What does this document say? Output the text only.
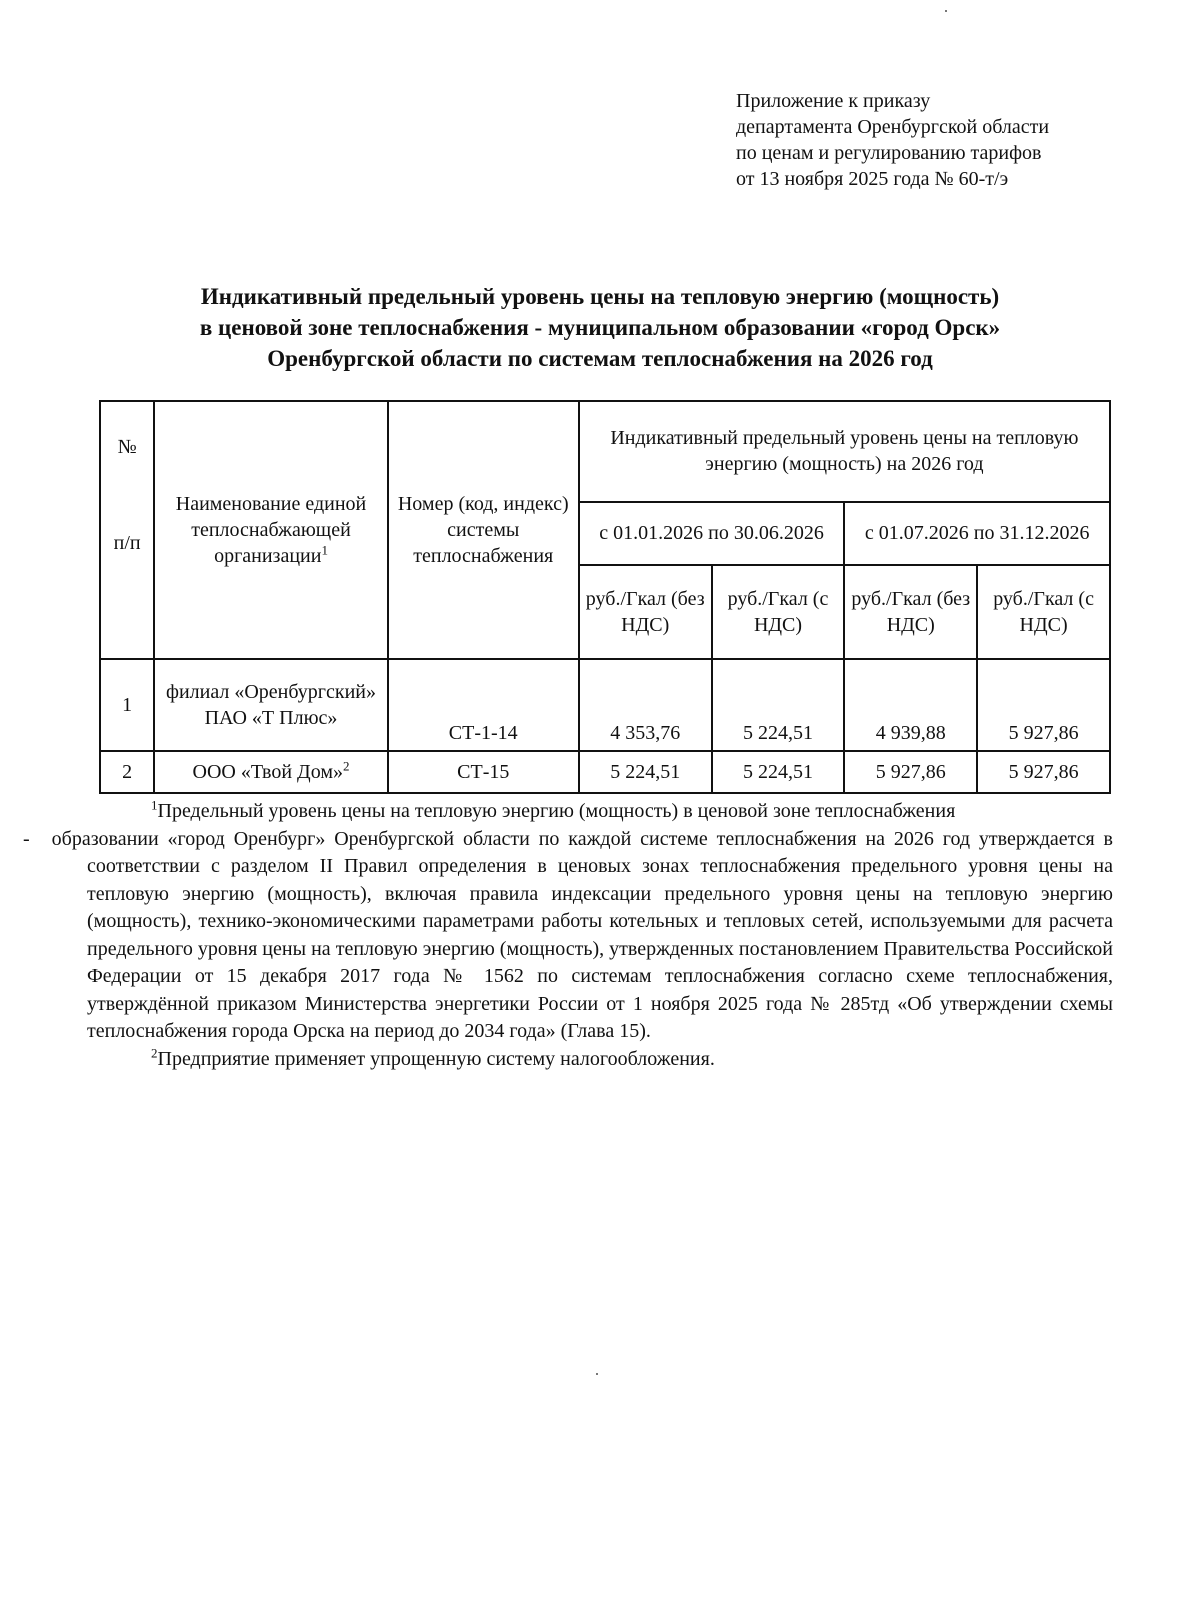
Приложение к приказу
департамента Оренбургской области
по ценам и регулированию тарифов
от 13 ноября 2025 года № 60-т/э
Индикативный предельный уровень цены на тепловую энергию (мощность)
в ценовой зоне теплоснабжения - муниципальном образовании «город Орск»
Оренбургской области по системам теплоснабжения на 2026 год
№
п/п	Наименование единой теплоснабжающей организации$^1$	Номер (код, индекс) системы теплоснабжения	Индикативный предельный уровень цены на тепловую энергию (мощность) на 2026 год			
			с 01.01.2026 по 30.06.2026		с 01.07.2026 по 31.12.2026	
			руб./Гкал (без НДС)	руб./Гкал (с НДС)	руб./Гкал (без НДС)	руб./Гкал (с НДС)
1	филиал «Оренбургский» ПАО «Т Плюс»	СТ-1-14	4 353,76	5 224,51	4 939,88	5 927,86
2	ООО «Твой Дом»$^2$	СТ-15	5 224,51	5 224,51	5 927,86	5 927,86

$^1$Предельный уровень цены на тепловую энергию (мощность) в ценовой зоне теплоснабжения
- образовании «город Оренбург» Оренбургской области по каждой системе теплоснабжения на 2026 год утверждается в соответствии с разделом II Правил определения в ценовых зонах теплоснабжения предельного уровня цены на тепловую энергию (мощность), включая правила индексации предельного уровня цены на тепловую энергию (мощность), технико-экономическими параметрами работы котельных и тепловых сетей, используемыми для расчета предельного уровня цены на тепловую энергию (мощность), утвержденных постановлением Правительства Российской Федерации от 15 декабря 2017 года № 1562 по системам теплоснабжения согласно схеме теплоснабжения, утверждённой приказом Министерства энергетики России от 1 ноября 2025 года № 285тд «Об утверждении схемы теплоснабжения города Орска на период до 2034 года» (Глава 15).

$^2$Предприятие применяет упрощенную систему налогообложения.
